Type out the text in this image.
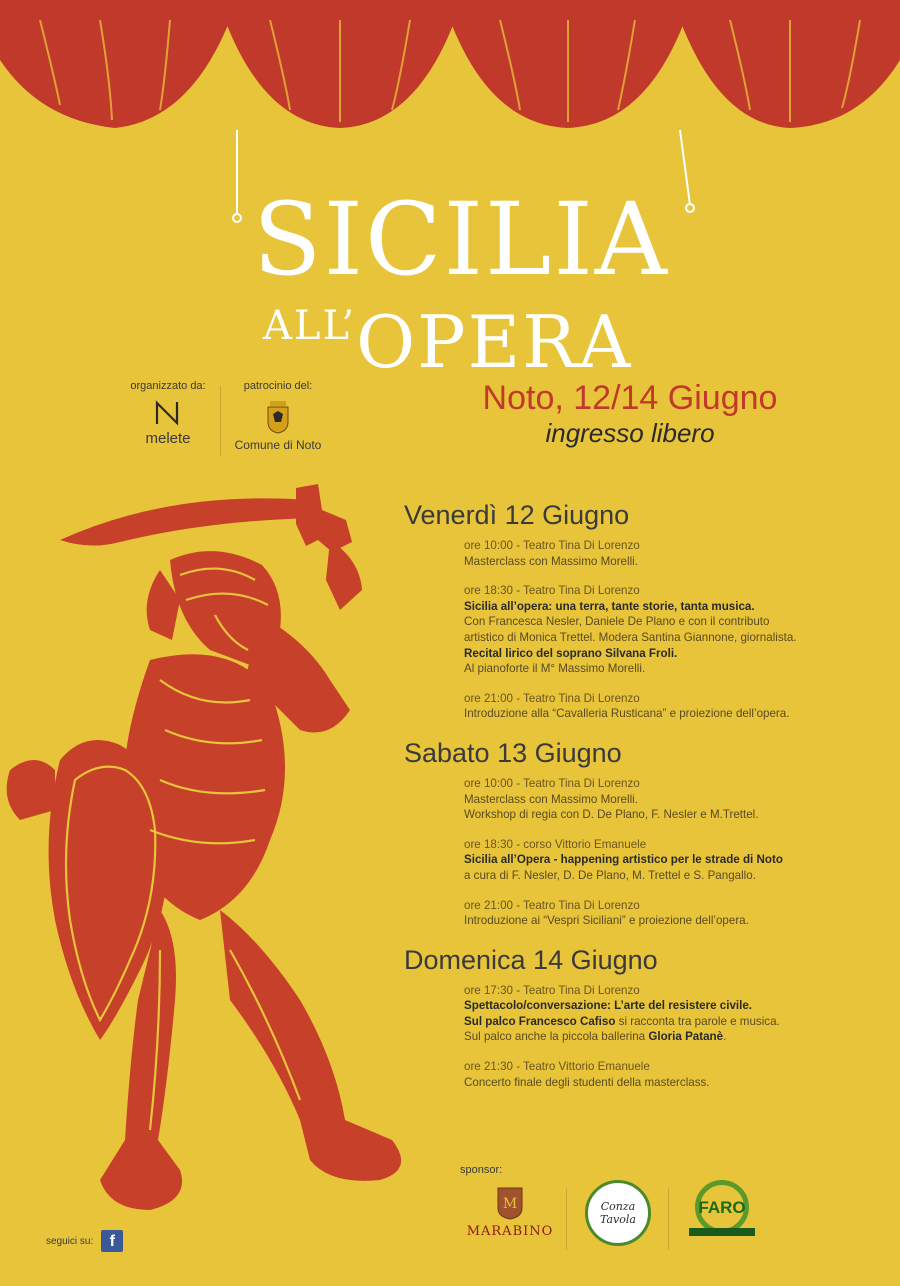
SICILIA
$^{ALL’}$OPERA
Noto, 12/14 Giugno
ingresso libero
organizzato da:
melete
patrocinio del:
Comune di Noto
Venerdì 12 Giugno
ore 10:00 - Teatro Tina Di Lorenzo
Masterclass con Massimo Morelli.
ore 18:30 - Teatro Tina Di Lorenzo
Sicilia all’opera: una terra, tante storie, tanta musica.
Con Francesca Nesler, Daniele De Plano e con il contributo
artistico di Monica Trettel. Modera Santina Giannone, giornalista.
Recital lirico del soprano Silvana Froli.
Al pianoforte il M° Massimo Morelli.
ore 21:00 - Teatro Tina Di Lorenzo
Introduzione alla “Cavalleria Rusticana” e proiezione dell’opera.
Sabato 13 Giugno
ore 10:00 - Teatro Tina Di Lorenzo
Masterclass con Massimo Morelli.
Workshop di regia con D. De Plano, F. Nesler e M.Trettel.
ore 18:30 - corso Vittorio Emanuele
Sicilia all’Opera - happening artistico per le strade di Noto
a cura di F. Nesler, D. De Plano, M. Trettel e S. Pangallo.
ore 21:00 - Teatro Tina Di Lorenzo
Introduzione ai “Vespri Siciliani” e proiezione dell’opera.
Domenica 14 Giugno
ore 17:30 - Teatro Tina Di Lorenzo
Spettacolo/conversazione: L’arte del resistere civile.
Sul palco Francesco Cafiso si racconta tra parole e musica.
Sul palco anche la piccola ballerina Gloria Patanè.
ore 21:30 - Teatro Vittorio Emanuele
Concerto finale degli studenti della masterclass.
sponsor:
M
MARABINO
Conza Tavola
FARO
seguici su:	f
